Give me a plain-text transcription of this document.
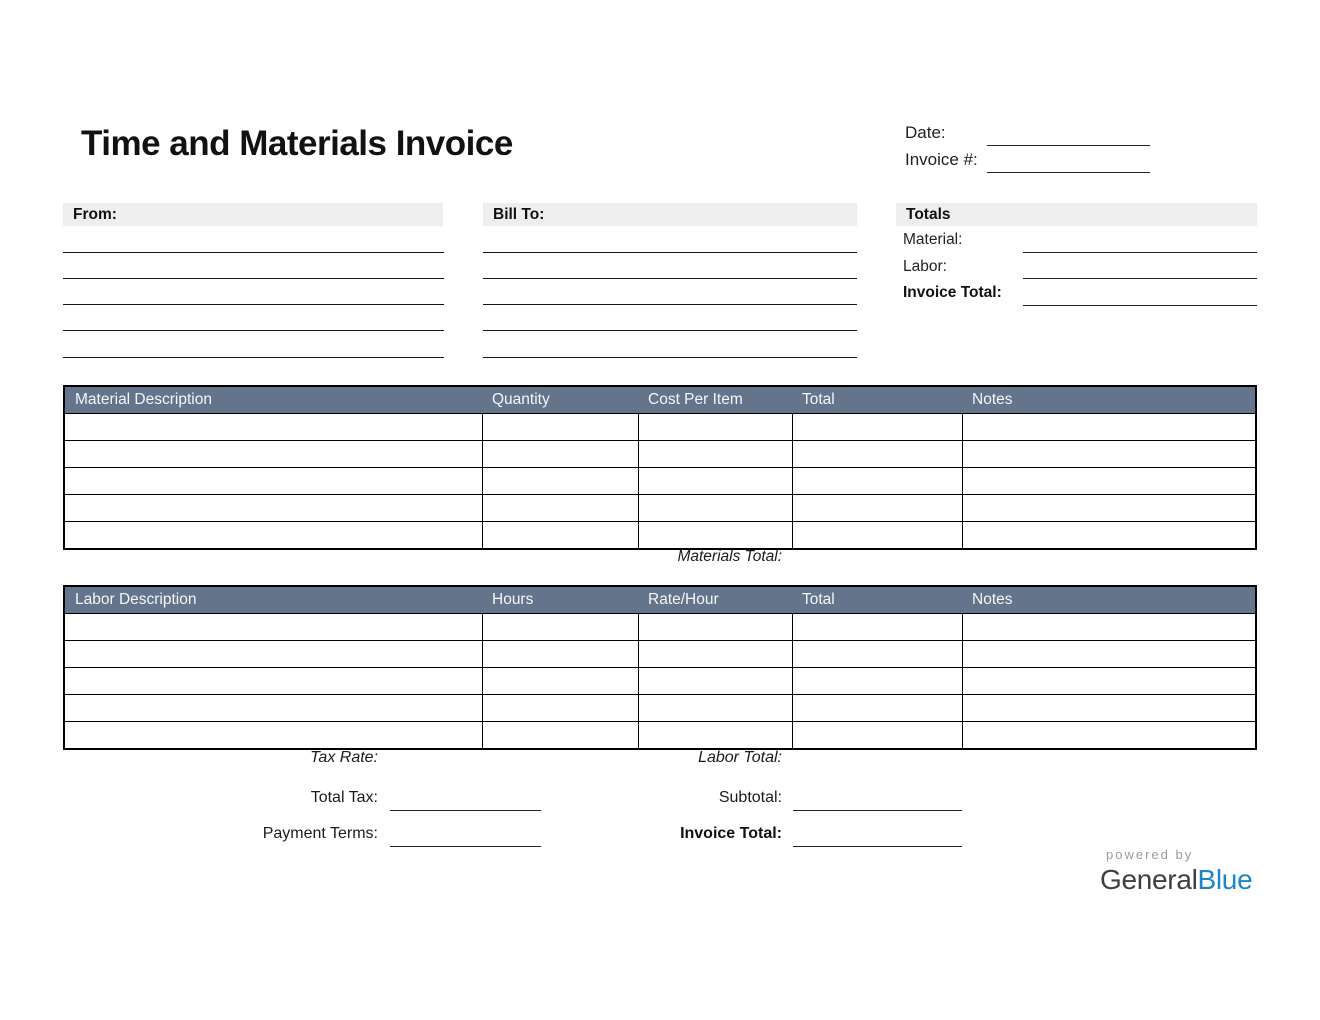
Time and Materials Invoice	Date:
Invoice #:
From:	Bill To:	Totals
Material:
Labor:
Invoice Total:
Material Description	Quantity	Cost Per Item	Total	Notes
Materials Total:
Labor Description	Hours	Rate/Hour	Total	Notes
Tax Rate:	Labor Total:
Total Tax:	Subtotal:
Payment Terms:	Invoice Total:
powered by
GeneralBlue
